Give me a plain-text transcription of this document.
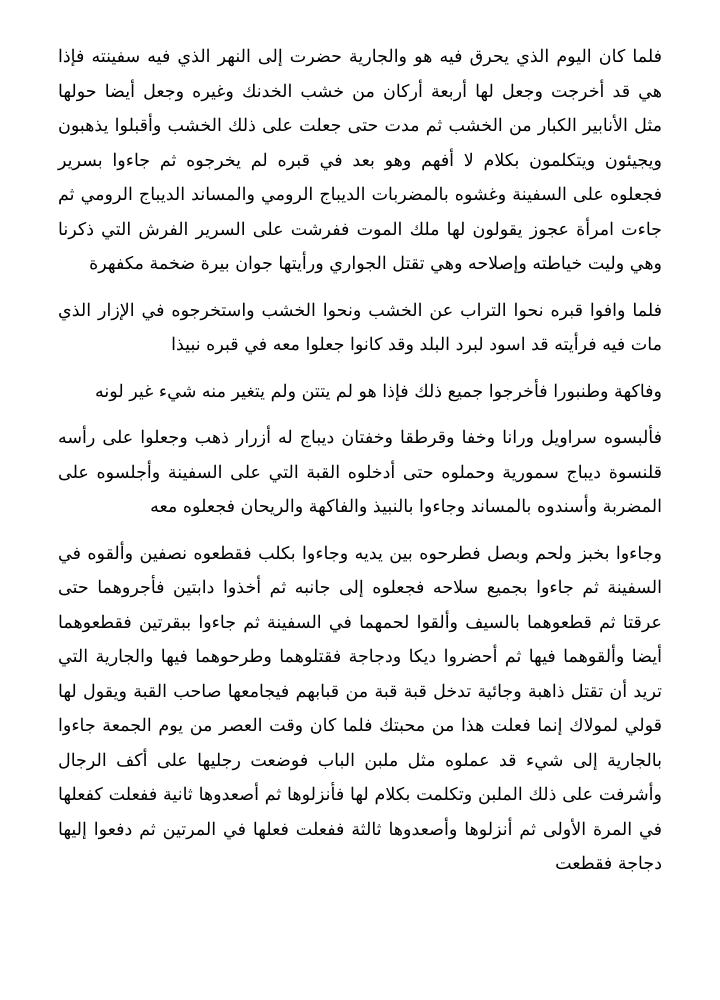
فلما كان اليوم الذي يحرق فيه هو والجارية حضرت إلى النهر الذي فيه سفينته فإذا هي قد أخرجت وجعل لها أربعة أركان من خشب الخدنك وغيره وجعل أيضا حولها مثل الأنابير الكبار من الخشب ثم مدت حتى جعلت على ذلك الخشب وأقبلوا يذهبون ويجيئون ويتكلمون بكلام لا أفهم وهو بعد في قبره لم يخرجوه ثم جاءوا بسرير فجعلوه على السفينة وغشوه بالمضربات الديباج الرومي والمساند الديباج الرومي ثم جاءت امرأة عجوز يقولون لها ملك الموت ففرشت على السرير الفرش التي ذكرنا وهي وليت خياطته وإصلاحه وهي تقتل الجواري ورأيتها جوان بيرة ضخمة مكفهرة

فلما وافوا قبره نحوا التراب عن الخشب ونحوا الخشب واستخرجوه في الإزار الذي مات فيه فرأيته قد اسود لبرد البلد وقد كانوا جعلوا معه في قبره نبيذا

وفاكهة وطنبورا فأخرجوا جميع ذلك فإذا هو لم يتتن ولم يتغير منه شيء غير لونه

فألبسوه سراويل ورانا وخفا وقرطقا وخفتان ديباج له أزرار ذهب وجعلوا على رأسه قلنسوة ديباج سمورية وحملوه حتى أدخلوه القبة التي على السفينة وأجلسوه على المضربة وأسندوه بالمساند وجاءوا بالنبيذ والفاكهة والريحان فجعلوه معه

وجاءوا بخبز ولحم وبصل فطرحوه بين يديه وجاءوا بكلب فقطعوه نصفين وألقوه في السفينة ثم جاءوا بجميع سلاحه فجعلوه إلى جانبه ثم أخذوا دابتين فأجروهما حتى عرقتا ثم قطعوهما بالسيف وألقوا لحمهما في السفينة ثم جاءوا ببقرتين فقطعوهما أيضا وألقوهما فيها ثم أحضروا ديكا ودجاجة فقتلوهما وطرحوهما فيها والجارية التي تريد أن تقتل ذاهبة وجائية تدخل قبة قبة من قبابهم فيجامعها صاحب القبة ويقول لها قولي لمولاك إنما فعلت هذا من محبتك فلما كان وقت العصر من يوم الجمعة جاءوا بالجارية إلى شيء قد عملوه مثل ملبن الباب فوضعت رجليها على أكف الرجال وأشرفت على ذلك الملبن وتكلمت بكلام لها فأنزلوها ثم أصعدوها ثانية ففعلت كفعلها في المرة الأولى ثم أنزلوها وأصعدوها ثالثة ففعلت فعلها في المرتين ثم دفعوا إليها دجاجة فقطعت
